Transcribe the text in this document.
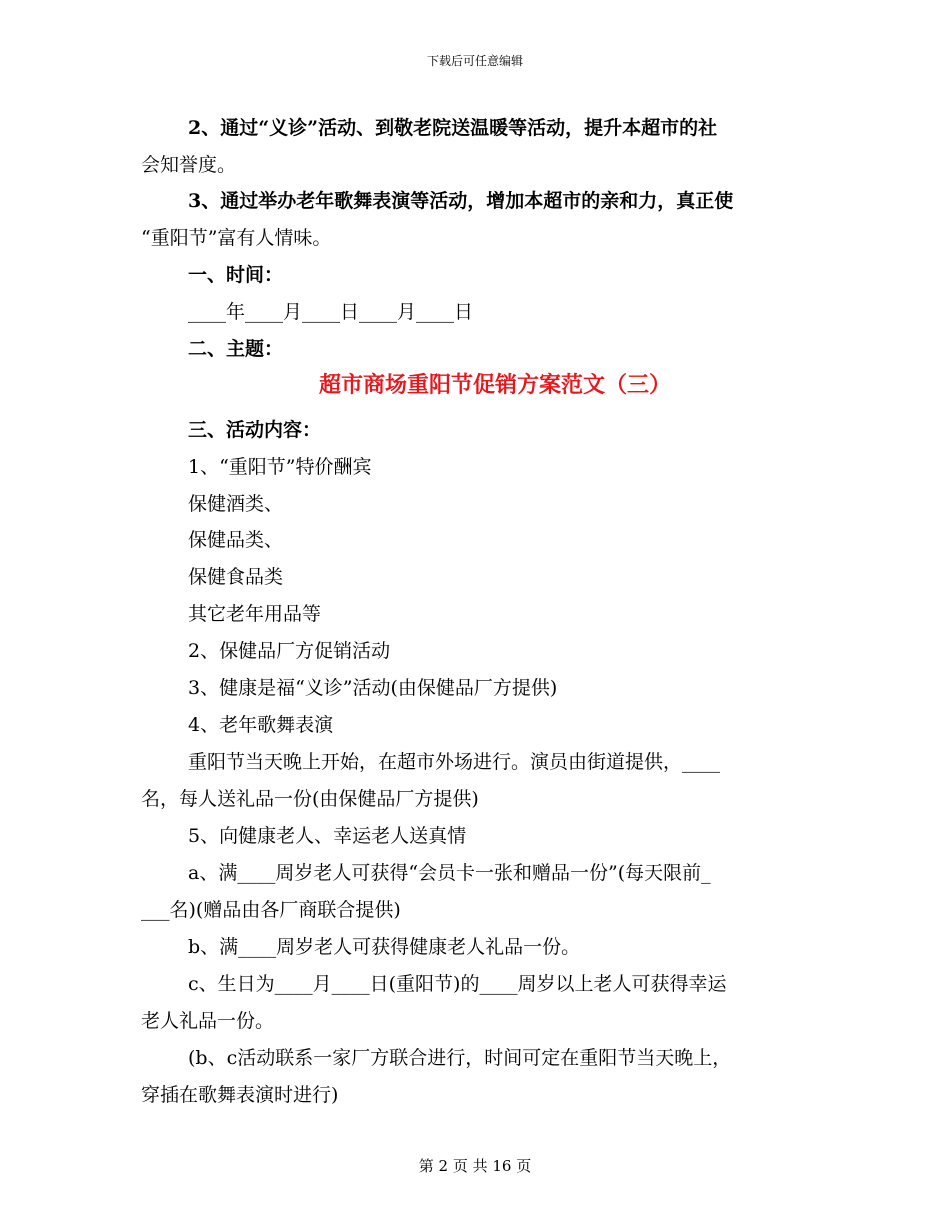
下载后可任意编辑
2、通过“义诊”活动、到敬老院送温暖等活动，提升本超市的社
会知誉度。
3、通过举办老年歌舞表演等活动，增加本超市的亲和力，真正使
“重阳节”富有人情味。
一、时间：
____年____月____日____月____日
二、主题：
超市商场重阳节促销方案范文（三）
三、活动内容：
1、“重阳节”特价酬宾
保健酒类、
保健品类、
保健食品类
其它老年用品等
2、保健品厂方促销活动
3、健康是福“义诊”活动(由保健品厂方提供)
4、老年歌舞表演
重阳节当天晚上开始，在超市外场进行。演员由街道提供，____
名，每人送礼品一份(由保健品厂方提供)
5、向健康老人、幸运老人送真情
a、满____周岁老人可获得“会员卡一张和赠品一份”(每天限前_
___名)(赠品由各厂商联合提供)
b、满____周岁老人可获得健康老人礼品一份。
c、生日为____月____日(重阳节)的____周岁以上老人可获得幸运
老人礼品一份。
(b、c活动联系一家厂方联合进行，时间可定在重阳节当天晚上，
穿插在歌舞表演时进行)
第 2 页 共 16 页
